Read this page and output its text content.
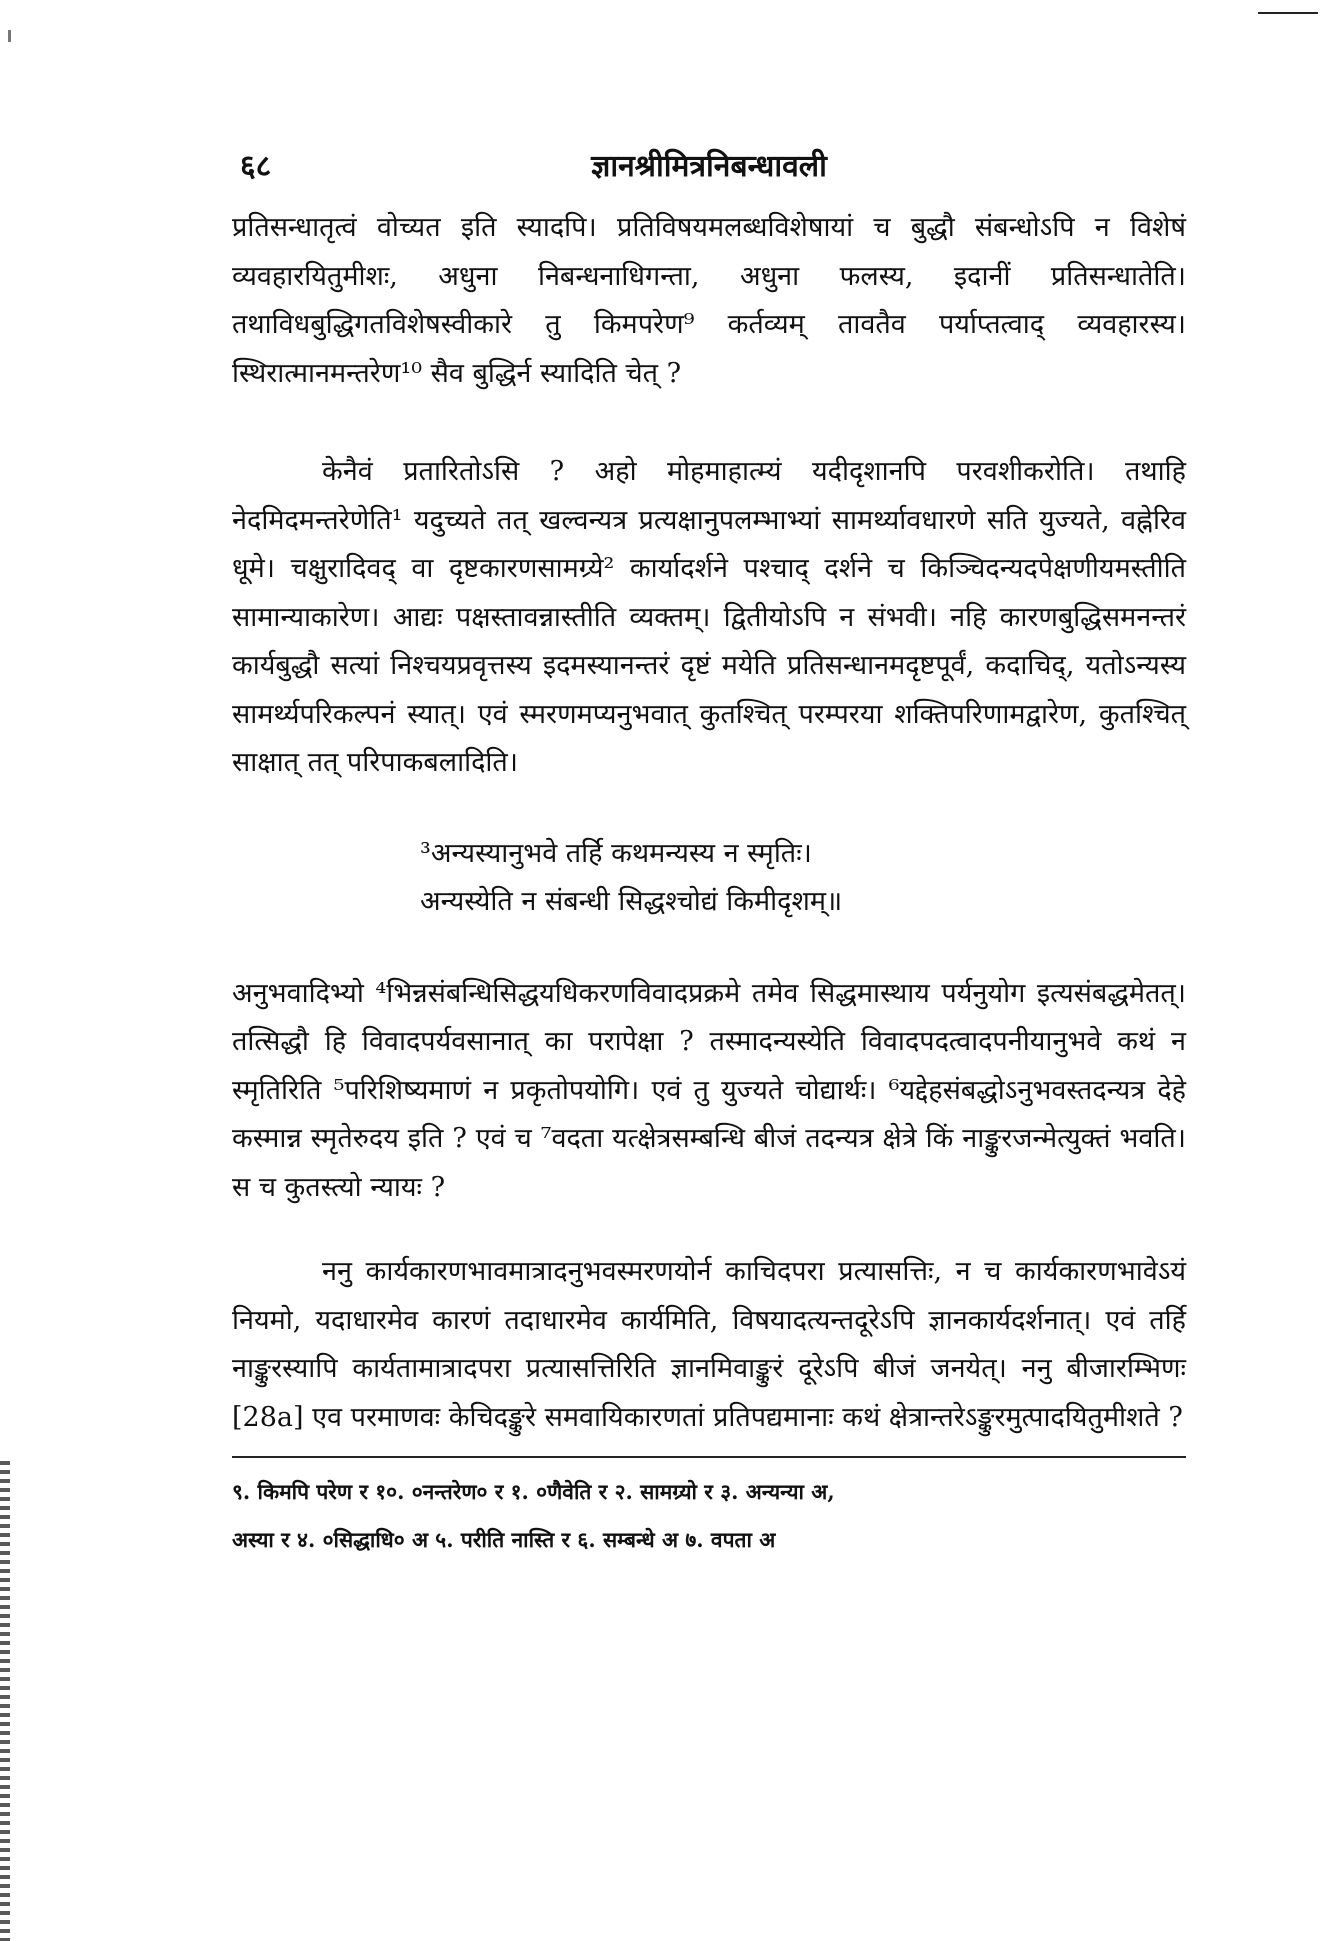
६८	ज्ञानश्रीमित्रनिबन्धावली

प्रतिसन्धातृत्वं वोच्यत इति स्यादपि। प्रतिविषयमलब्धविशेषायां च बुद्धौ संबन्धोऽपि न विशेषं व्यवहारयितुमीशः, अधुना निबन्धनाधिगन्ता, अधुना फलस्य, इदानीं प्रतिसन्धातेति। तथाविधबुद्धिगतविशेषस्वीकारे तु किमपरेण⁹ कर्तव्यम् तावतैव पर्याप्तत्वाद् व्यवहारस्य। स्थिरात्मानमन्तरेण¹⁰ सैव बुद्धिर्न स्यादिति चेत् ?

केनैवं प्रतारितोऽसि ? अहो मोहमाहात्म्यं यदीदृशानपि परवशीकरोति। तथाहि नेदमिदमन्तरेणेति¹ यदुच्यते तत् खल्वन्यत्र प्रत्यक्षानुपलम्भाभ्यां सामर्थ्यावधारणे सति युज्यते, वह्नेरिव धूमे। चक्षुरादिवद् वा दृष्टकारणसामग्र्ये² कार्यादर्शने पश्चाद् दर्शने च किञ्चिदन्यदपेक्षणीयमस्तीति सामान्याकारेण। आद्यः पक्षस्तावन्नास्तीति व्यक्तम्। द्वितीयोऽपि न संभवी। नहि कारणबुद्धिसमनन्तरं कार्यबुद्धौ सत्यां निश्चयप्रवृत्तस्य इदमस्यानन्तरं दृष्टं मयेति प्रतिसन्धानमदृष्टपूर्वं, कदाचिद्, यतोऽन्यस्य सामर्थ्यपरिकल्पनं स्यात्। एवं स्मरणमप्यनुभवात् कुतश्चित् परम्परया शक्तिपरिणामद्वारेण, कुतश्चित् साक्षात् तत् परिपाकबलादिति।

³अन्यस्यानुभवे तर्हि कथमन्यस्य न स्मृतिः।
अन्यस्येति न संबन्धी सिद्धश्चोद्यं किमीदृशम्॥

अनुभवादिभ्यो ⁴भिन्नसंबन्धिसिद्धयधिकरणविवादप्रक्रमे तमेव सिद्धमास्थाय पर्यनुयोग इत्यसंबद्धमेतत्। तत्सिद्धौ हि विवादपर्यवसानात् का परापेक्षा ? तस्मादन्यस्येति विवादपदत्वादपनीयानुभवे कथं न स्मृतिरिति ⁵परिशिष्यमाणं न प्रकृतोपयोगि। एवं तु युज्यते चोद्यार्थः। ⁶यद्देहसंबद्धोऽनुभवस्तदन्यत्र देहे कस्मान्न स्मृतेरुदय इति ? एवं च ⁷वदता यत्क्षेत्रसम्बन्धि बीजं तदन्यत्र क्षेत्रे किं नाङ्कुरजन्मेत्युक्तं भवति। स च कुतस्त्यो न्यायः ?

ननु कार्यकारणभावमात्रादनुभवस्मरणयोर्न काचिदपरा प्रत्यासत्तिः, न च कार्यकारणभावेऽयं नियमो, यदाधारमेव कारणं तदाधारमेव कार्यमिति, विषयादत्यन्तदूरेऽपि ज्ञानकार्यदर्शनात्। एवं तर्हि नाङ्कुरस्यापि कार्यतामात्रादपरा प्रत्यासत्तिरिति ज्ञानमिवाङ्कुरं दूरेऽपि बीजं जनयेत्। ननु बीजारम्भिणः [28a] एव परमाणवः केचिदङ्कुरे समवायिकारणतां प्रतिपद्यमानाः कथं क्षेत्रान्तरेऽङ्कुरमुत्पादयितुमीशते ?

९. किमपि परेण र १०. ०नन्तरेण० र १. ०णैवेति र २. सामग्र्यो र ३. अन्यन्या अ,
अस्या र ४. ०सिद्धाधि० अ ५. परीति नास्ति र ६. सम्बन्धे अ ७. वपता अ
